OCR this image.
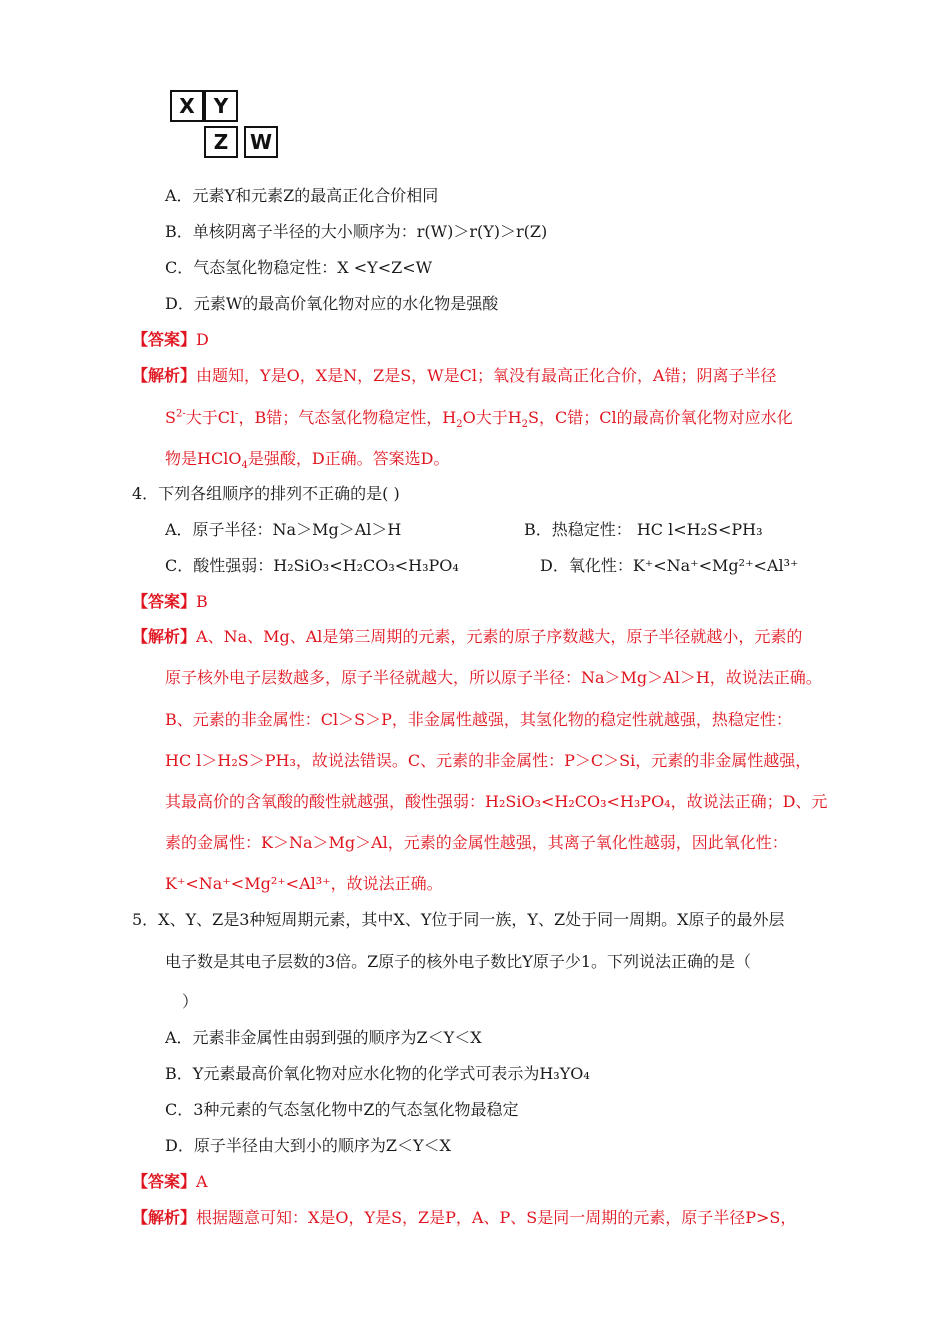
X Y
Z	W
A．元素Y和元素Z的最高正化合价相同
B．单核阴离子半径的大小顺序为：r(W)＞r(Y)＞r(Z)
C．气态氢化物稳定性：X <Y<Z<W
D．元素W的最高价氧化物对应的水化物是强酸
【答案】D
【解析】由题知，Y是O，X是N，Z是S，W是Cl；氧没有最高正化合价，A错；阴离子半径
$S^{2-}$大于Cl-，B错；气态氢化物稳定性，$H_2O$大于$H_2S$，C错；Cl的最高价氧化物对应水化
物是HClO$_4$是强酸，D正确。答案选D。
4．下列各组顺序的排列不正确的是( )
A．原子半径：Na＞Mg＞Al＞H	B．热稳定性： HC l<H₂S<PH₃
C．酸性强弱：H₂SiO₃<H₂CO₃<H₃PO₄	D．氧化性：K⁺<Na⁺<Mg²⁺<Al³⁺
【答案】B
【解析】A、Na、Mg、Al是第三周期的元素，元素的原子序数越大，原子半径就越小，元素的
原子核外电子层数越多，原子半径就越大，所以原子半径：Na＞Mg＞Al＞H，故说法正确。
B、元素的非金属性：Cl＞S＞P，非金属性越强，其氢化物的稳定性就越强，热稳定性：
HC l＞H₂S＞PH₃，故说法错误。C、元素的非金属性：P＞C＞Si，元素的非金属性越强，
其最高价的含氧酸的酸性就越强，酸性强弱：H₂SiO₃<H₂CO₃<H₃PO₄，故说法正确；D、元
素的金属性：K＞Na＞Mg＞Al，元素的金属性越强，其离子氧化性越弱，因此氧化性：
K⁺<Na⁺<Mg²⁺<Al³⁺，故说法正确。
5．X、Y、Z是3种短周期元素，其中X、Y位于同一族，Y、Z处于同一周期。X原子的最外层
电子数是其电子层数的3倍。Z原子的核外电子数比Y原子少1。下列说法正确的是（
）
A．元素非金属性由弱到强的顺序为Z＜Y＜X
B．Y元素最高价氧化物对应水化物的化学式可表示为H₃YO₄
C．3种元素的气态氢化物中Z的气态氢化物最稳定
D．原子半径由大到小的顺序为Z＜Y＜X
【答案】A
【解析】根据题意可知：X是O，Y是S，Z是P，A、P、S是同一周期的元素，原子半径P>S，
